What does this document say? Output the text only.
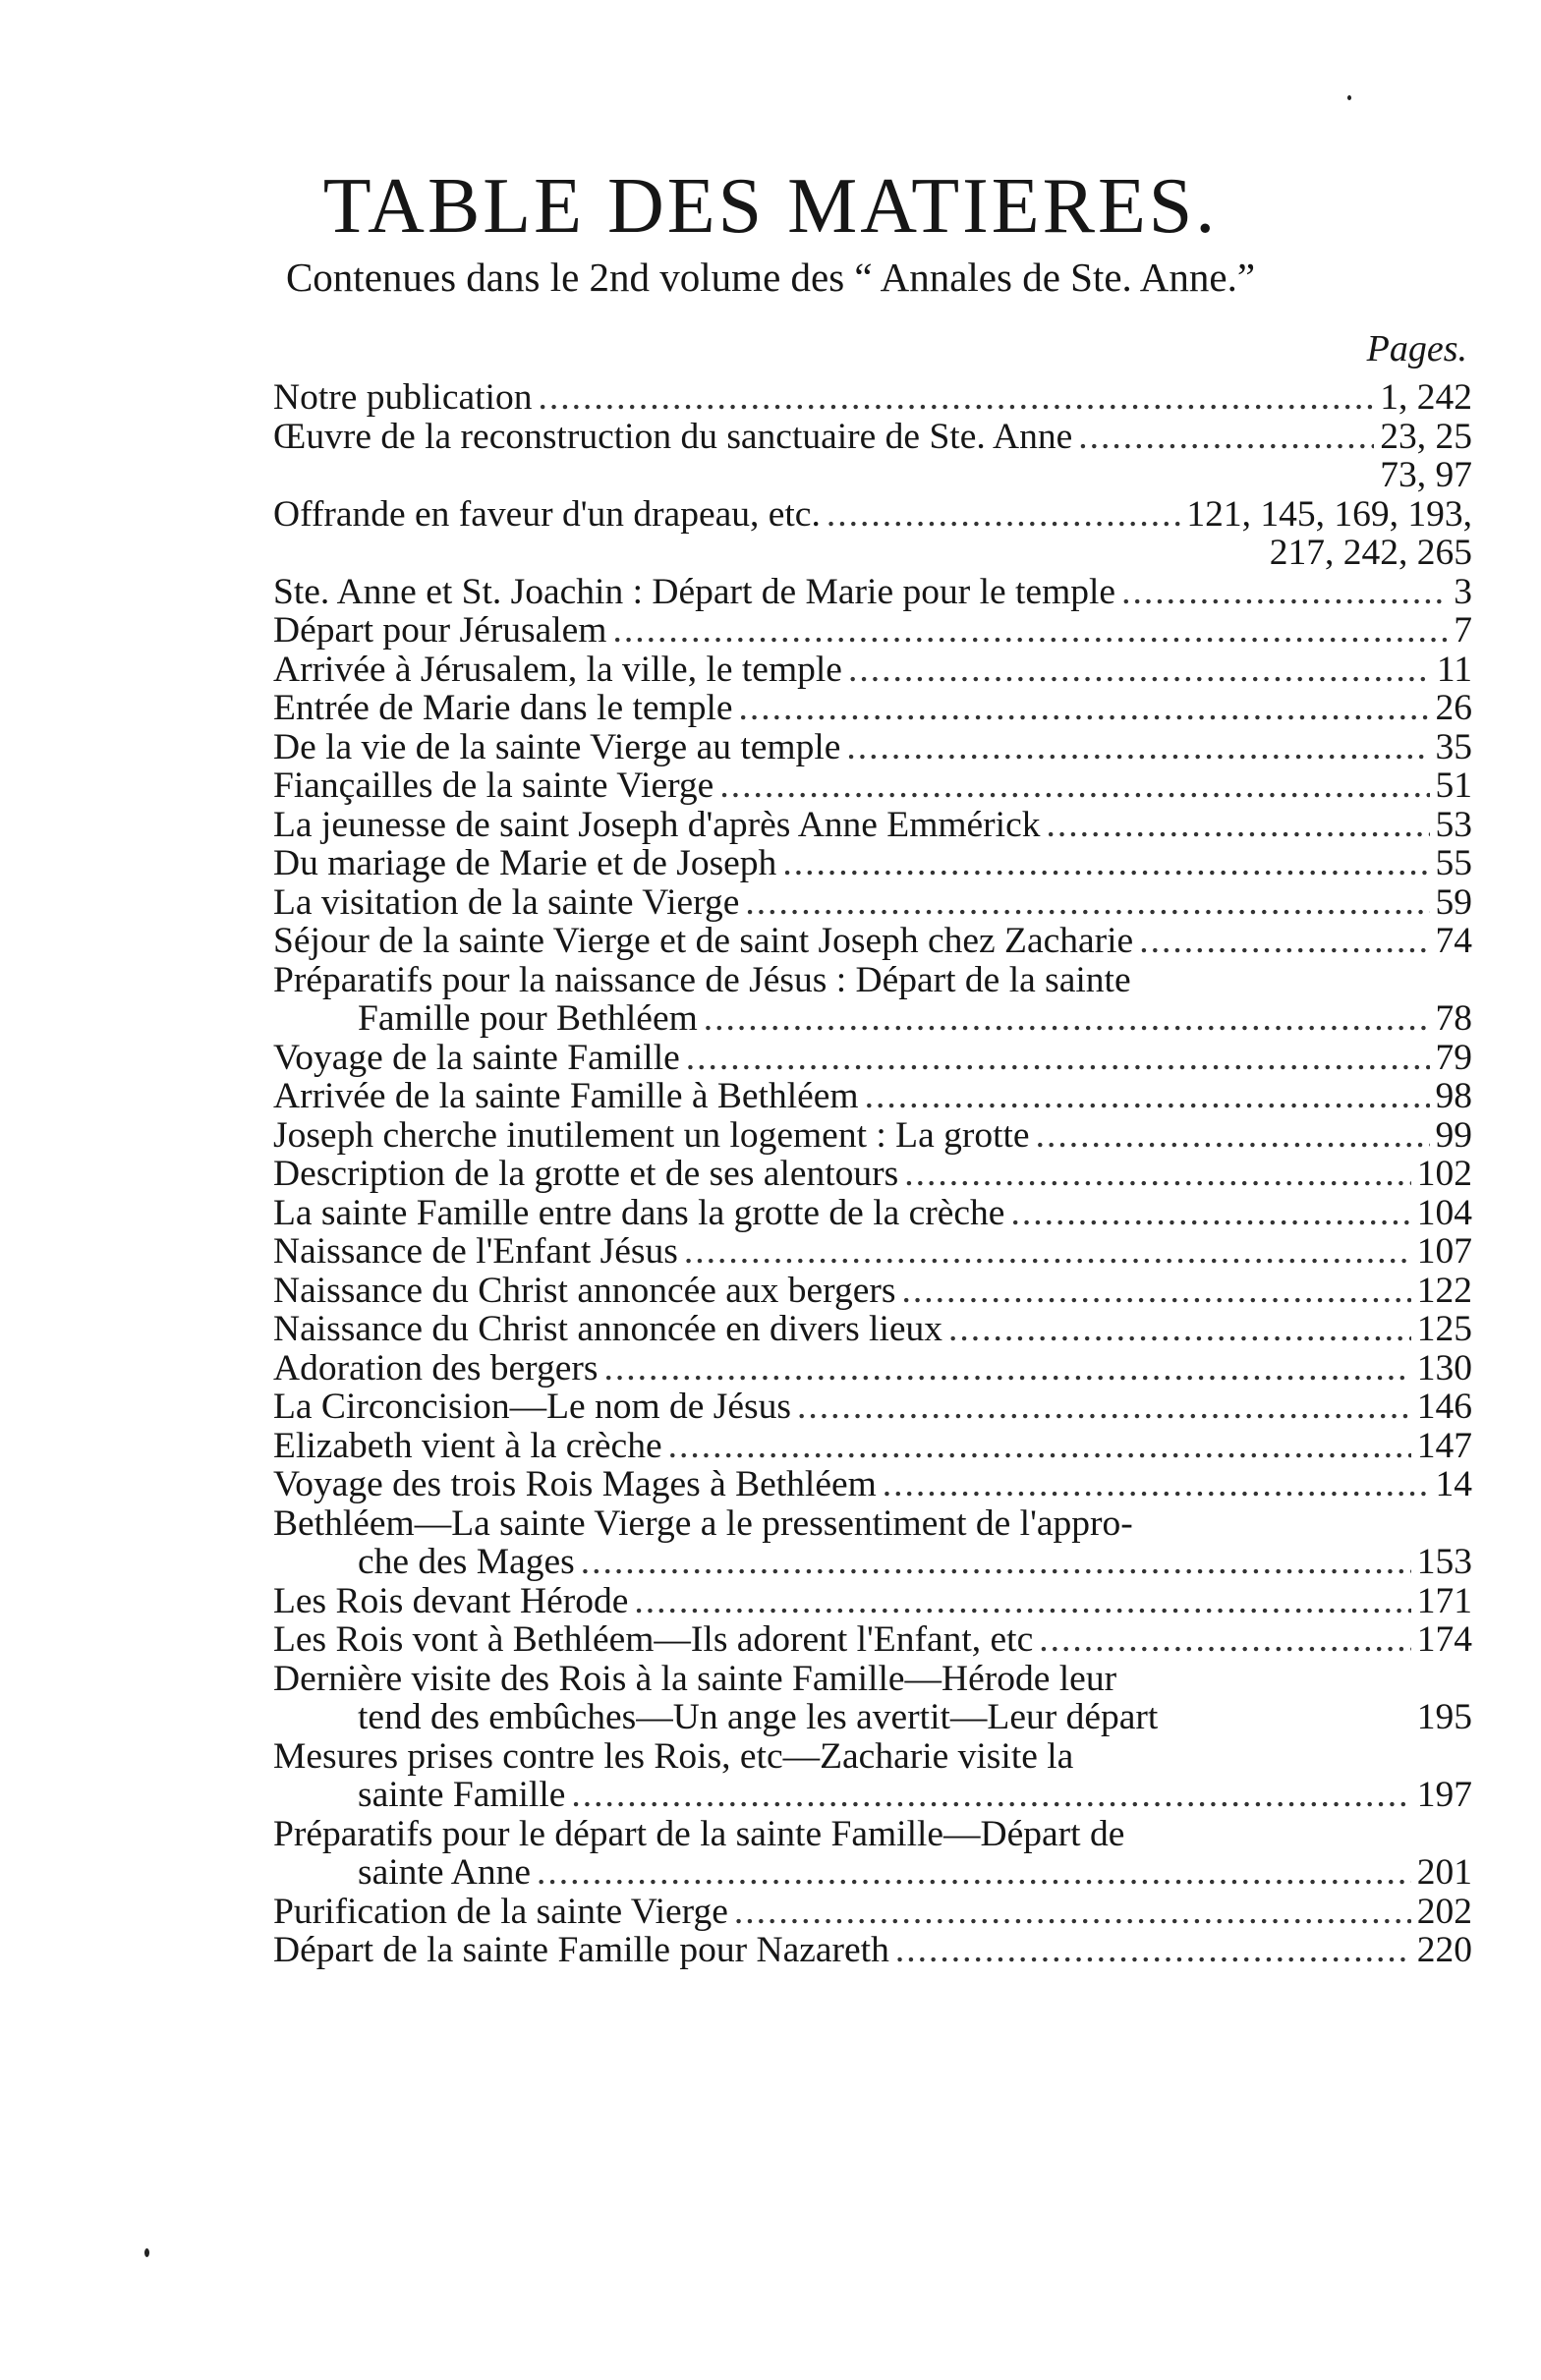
TABLE DES MATIERES.

Contenues dans le 2nd volume des “ Annales de Ste. Anne.”

Pages.
Notre publication .....	1, 242
Œuvre de la reconstruction du sanctuaire de Ste. Anne .....	23, 25
73, 97
Offrande en faveur d'un drapeau, etc. .....	121, 145, 169, 193,
217, 242, 265
Ste. Anne et St. Joachin : Départ de Marie pour le temple .....	3
Départ pour Jérusalem .....	7
Arrivée à Jérusalem, la ville, le temple .....	11
Entrée de Marie dans le temple .....	26
De la vie de la sainte Vierge au temple .....	35
Fiançailles de la sainte Vierge .....	51
La jeunesse de saint Joseph d'après Anne Emmérick .....	53
Du mariage de Marie et de Joseph .....	55
La visitation de la sainte Vierge .....	59
Séjour de la sainte Vierge et de saint Joseph chez Zacharie .....	74
Préparatifs pour la naissance de Jésus : Départ de la sainte
Famille pour Bethléem .....	78
Voyage de la sainte Famille .....	79
Arrivée de la sainte Famille à Bethléem .....	98
Joseph cherche inutilement un logement : La grotte .....	99
Description de la grotte et de ses alentours .....	102
La sainte Famille entre dans la grotte de la crèche .....	104
Naissance de l'Enfant Jésus .....	107
Naissance du Christ annoncée aux bergers .....	122
Naissance du Christ annoncée en divers lieux .....	125
Adoration des bergers .....	130
La Circoncision—Le nom de Jésus .....	146
Elizabeth vient à la crèche .....	147
Voyage des trois Rois Mages à Bethléem .....	14
Bethléem—La sainte Vierge a le pressentiment de l'appro-
che des Mages .....	153
Les Rois devant Hérode .....	171
Les Rois vont à Bethléem—Ils adorent l'Enfant, etc .....	174
Dernière visite des Rois à la sainte Famille—Hérode leur
tend des embûches—Un ange les avertit—Leur départ	195
Mesures prises contre les Rois, etc—Zacharie visite la
sainte Famille .....	197
Préparatifs pour le départ de la sainte Famille—Départ de
sainte Anne .....	201
Purification de la sainte Vierge .....	202
Départ de la sainte Famille pour Nazareth .....	220
